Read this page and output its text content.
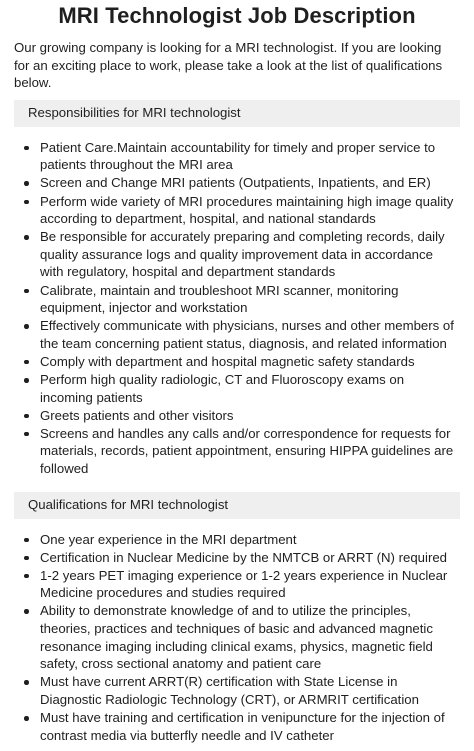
MRI Technologist Job Description

Our growing company is looking for a MRI technologist. If you are looking for an exciting place to work, please take a look at the list of qualifications below.

Responsibilities for MRI technologist
Patient Care.Maintain accountability for timely and proper service to patients throughout the MRI area
Screen and Change MRI patients (Outpatients, Inpatients, and ER)
Perform wide variety of MRI procedures maintaining high image quality according to department, hospital, and national standards
Be responsible for accurately preparing and completing records, daily quality assurance logs and quality improvement data in accordance with regulatory, hospital and department standards
Calibrate, maintain and troubleshoot MRI scanner, monitoring equipment, injector and workstation
Effectively communicate with physicians, nurses and other members of the team concerning patient status, diagnosis, and related information
Comply with department and hospital magnetic safety standards
Perform high quality radiologic, CT and Fluoroscopy exams on incoming patients
Greets patients and other visitors
Screens and handles any calls and/or correspondence for requests for materials, records, patient appointment, ensuring HIPPA guidelines are followed
Qualifications for MRI technologist
One year experience in the MRI department
Certification in Nuclear Medicine by the NMTCB or ARRT (N) required
1-2 years PET imaging experience or 1-2 years experience in Nuclear Medicine procedures and studies required
Ability to demonstrate knowledge of and to utilize the principles, theories, practices and techniques of basic and advanced magnetic resonance imaging including clinical exams, physics, magnetic field safety, cross sectional anatomy and patient care
Must have current ARRT(R) certification with State License in Diagnostic Radiologic Technology (CRT), or ARMRIT certification
Must have training and certification in venipuncture for the injection of contrast media via butterfly needle and IV catheter
